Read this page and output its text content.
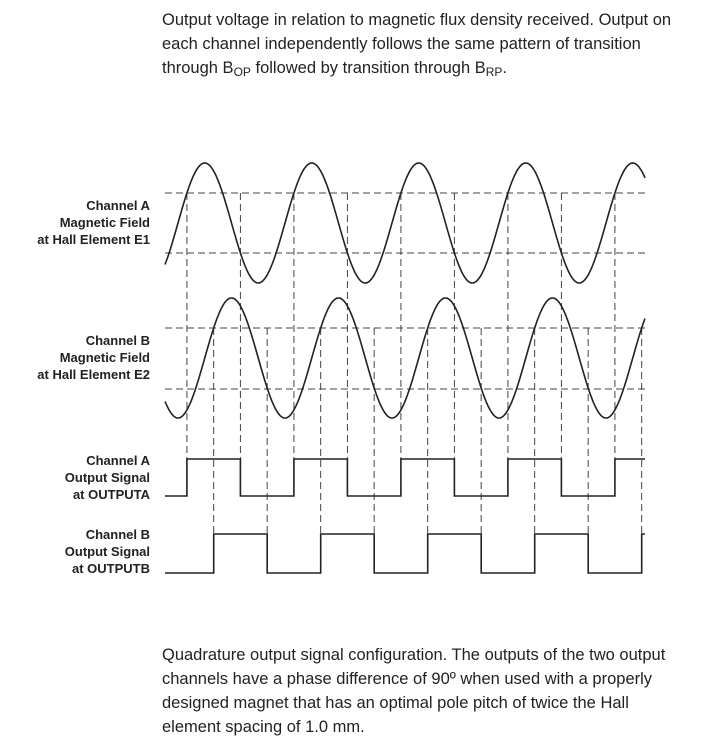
Output voltage in relation to magnetic flux density received. Output on each channel independently follows the same pattern of transition through $B_{OP}$ followed by transition through $B_{RP}$.
Channel A
Magnetic Field
at Hall Element E1
Channel B
Magnetic Field
at Hall Element E2
Channel A
Output Signal
at OUTPUTA
Channel B
Output Signal
at OUTPUTB
Quadrature output signal configuration. The outputs of the two output channels have a phase difference of 90º when used with a properly designed magnet that has an optimal pole pitch of twice the Hall element spacing of 1.0 mm.
